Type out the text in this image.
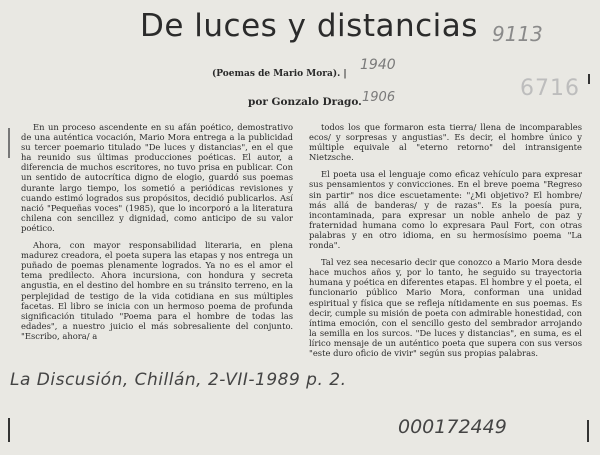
De luces y distancias
(Poemas de Mario Mora). |
por Gonzalo Drago.
9113
6716
1940
1906

En un proceso ascendente en su afán poético, demostrativo de una auténtica vocación, Mario Mora entrega a la publicidad su tercer poemario titulado "De luces y distancias", en el que ha reunido sus últimas producciones poéticas. El autor, a diferencia de muchos escritores, no tuvo prisa en publicar. Con un sentido de autocrítica digno de elogio, guardó sus poemas durante largo tiempo, los sometió a periódicas revisiones y cuando estimó logrados sus propósitos, decidió publicarlos. Así nació "Pequeñas voces" (1985), que lo incorporó a la literatura chilena con sencillez y dignidad, como anticipo de su valor poético.

Ahora, con mayor responsabilidad literaria, en plena madurez creadora, el poeta supera las etapas y nos entrega un puñado de poemas plenamente logrados. Ya no es el amor el tema predilecto. Ahora incursiona, con hondura y secreta angustia, en el destino del hombre en su tránsito terreno, en la perplejidad de testigo de la vida cotidiana en sus múltiples facetas. El libro se inicia con un hermoso poema de profunda significación titulado "Poema para el hombre de todas las edades", a nuestro juicio el más sobresaliente del conjunto. "Escribo, ahora/ a

todos los que formaron esta tierra/ llena de incomparables ecos/ y sorpresas y angustias". Es decir, el hombre único y múltiple equivale al "eterno retorno" del intransigente Nietzsche.

El poeta usa el lenguaje como eficaz vehículo para expresar sus pensamientos y convicciones. En el breve poema "Regreso sin partir" nos dice escuetamente: "¿Mi objetivo? El hombre/ más allá de banderas/ y de razas". Es la poesía pura, incontaminada, para expresar un noble anhelo de paz y fraternidad humana como lo expresara Paul Fort, con otras palabras y en otro idioma, en su hermosísimo poema "La ronda".

Tal vez sea necesario decir que conozco a Mario Mora desde hace muchos años y, por lo tanto, he seguido su trayectoria humana y poética en diferentes etapas. El hombre y el poeta, el funcionario público Mario Mora, conforman una unidad espiritual y física que se refleja nítidamente en sus poemas. Es decir, cumple su misión de poeta con admirable honestidad, con íntima emoción, con el sencillo gesto del sembrador arrojando la semilla en los surcos. "De luces y distancias", en suma, es el lírico mensaje de un auténtico poeta que supera con sus versos "este duro oficio de vivir" según sus propias palabras.

La Discusión, Chillán, 2-VII-1989 p. 2.
000172449
